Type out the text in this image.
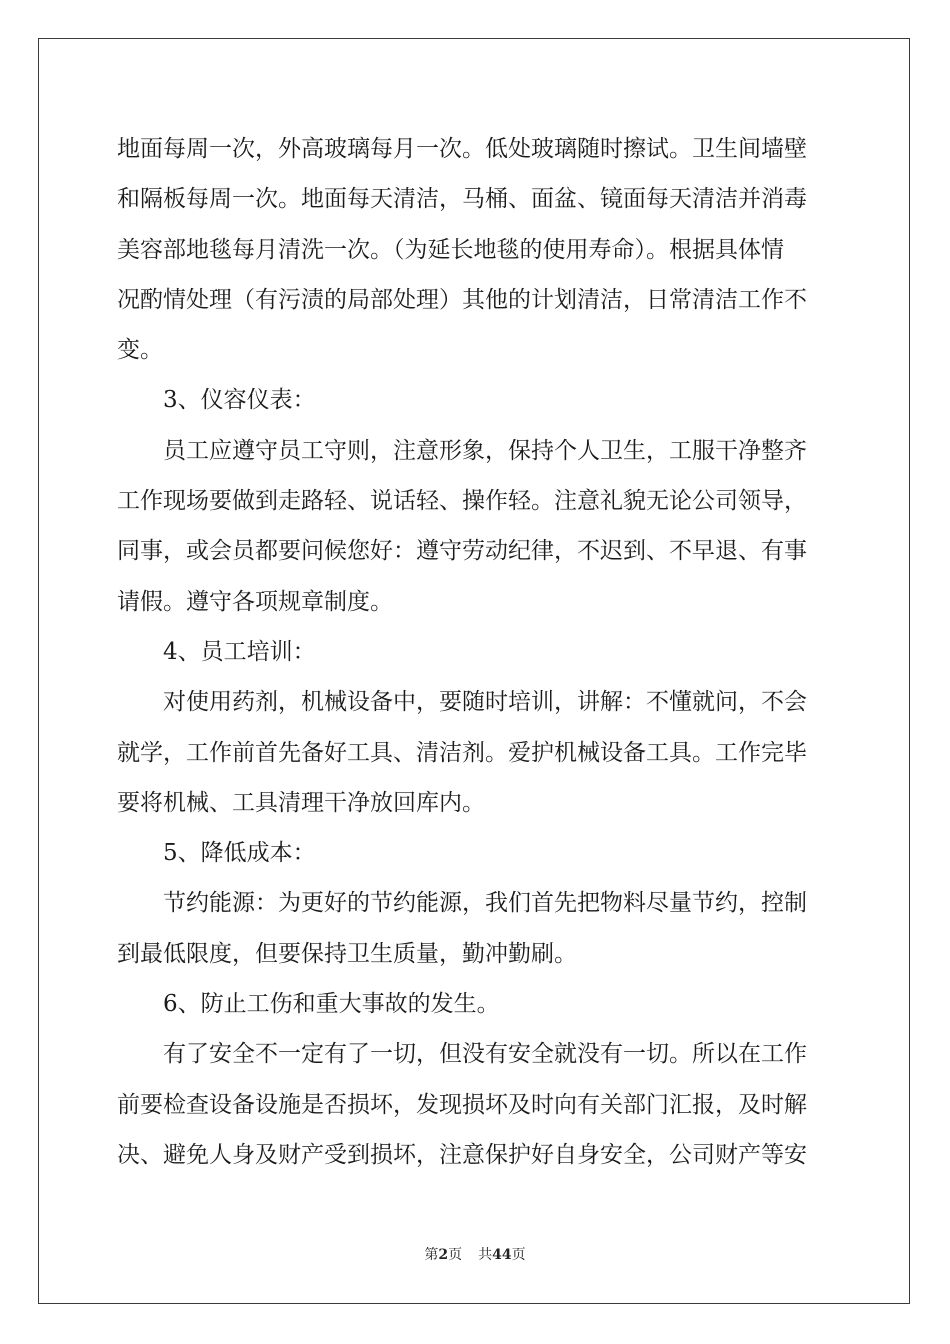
地面每周一次，外高玻璃每月一次。低处玻璃随时擦试。卫生间墙壁
和隔板每周一次。地面每天清洁，马桶、面盆、镜面每天清洁并消毒
美容部地毯每月清洗一次。（为延长地毯的使用寿命）。根据具体情
况酌情处理（有污渍的局部处理）其他的计划清洁，日常清洁工作不
变。
3、仪容仪表：
员工应遵守员工守则，注意形象，保持个人卫生，工服干净整齐
工作现场要做到走路轻、说话轻、操作轻。注意礼貌无论公司领导，
同事，或会员都要问候您好：遵守劳动纪律，不迟到、不早退、有事
请假。遵守各项规章制度。
4、员工培训：
对使用药剂，机械设备中，要随时培训，讲解：不懂就问，不会
就学，工作前首先备好工具、清洁剂。爱护机械设备工具。工作完毕
要将机械、工具清理干净放回库内。
5、降低成本：
节约能源：为更好的节约能源，我们首先把物料尽量节约，控制
到最低限度，但要保持卫生质量，勤冲勤刷。
6、防止工伤和重大事故的发生。
有了安全不一定有了一切，但没有安全就没有一切。所以在工作
前要检查设备设施是否损坏，发现损坏及时向有关部门汇报，及时解
决、避免人身及财产受到损坏，注意保护好自身安全，公司财产等安
第2页 共44页
